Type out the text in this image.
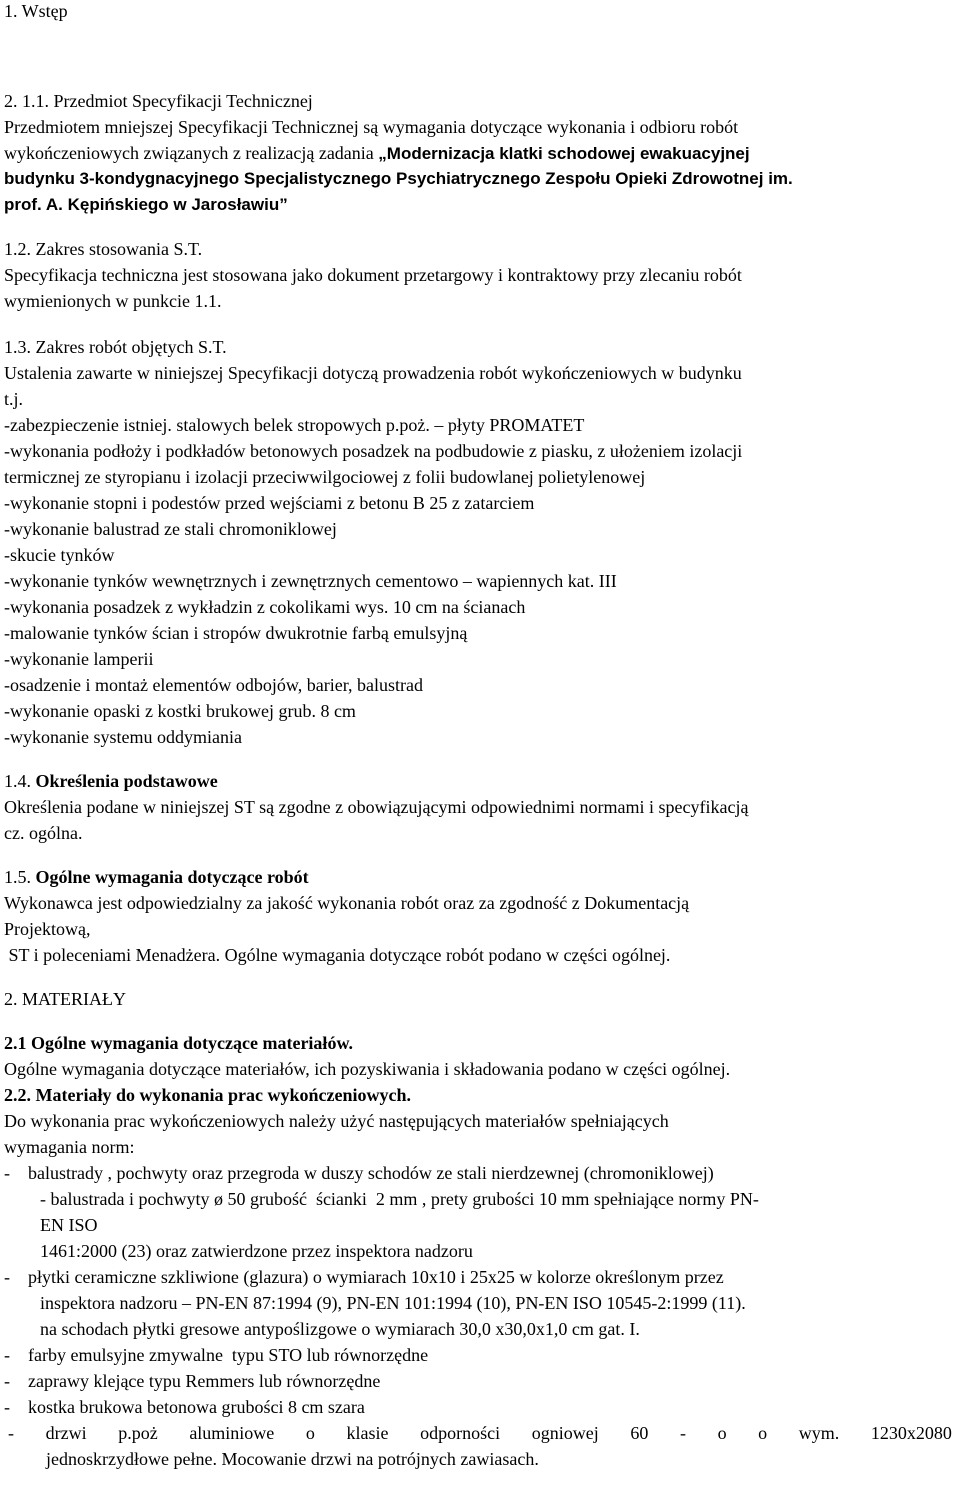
1. Wstęp
2. 1.1. Przedmiot Specyfikacji Technicznej
Przedmiotem mniejszej Specyfikacji Technicznej są wymagania dotyczące wykonania i odbioru robót
wykończeniowych związanych z realizacją zadania „Modernizacja klatki schodowej ewakuacyjnej
budynku 3-kondygnacyjnego Specjalistycznego Psychiatrycznego Zespołu Opieki Zdrowotnej im.
prof. A. Kępińskiego w Jarosławiu”
1.2. Zakres stosowania S.T.
Specyfikacja techniczna jest stosowana jako dokument przetargowy i kontraktowy przy zlecaniu robót
wymienionych w punkcie 1.1.
1.3. Zakres robót objętych S.T.
Ustalenia zawarte w niniejszej Specyfikacji dotyczą prowadzenia robót wykończeniowych w budynku
t.j.
-zabezpieczenie istniej. stalowych belek stropowych p.poż. – płyty PROMATET
-wykonania podłoży i podkładów betonowych posadzek na podbudowie z piasku, z ułożeniem izolacji
termicznej ze styropianu i izolacji przeciwwilgociowej z folii budowlanej polietylenowej
-wykonanie stopni i podestów przed wejściami z betonu B 25 z zatarciem
-wykonanie balustrad ze stali chromoniklowej
-skucie tynków
-wykonanie tynków wewnętrznych i zewnętrznych cementowo – wapiennych kat. III
-wykonania posadzek z wykładzin z cokolikami wys. 10 cm na ścianach
-malowanie tynków ścian i stropów dwukrotnie farbą emulsyjną
-wykonanie lamperii
-osadzenie i montaż elementów odbojów, barier, balustrad
-wykonanie opaski z kostki brukowej grub. 8 cm
-wykonanie systemu oddymiania
1.4. Określenia podstawowe
Określenia podane w niniejszej ST są zgodne z obowiązującymi odpowiednimi normami i specyfikacją
cz. ogólna.
1.5. Ogólne wymagania dotyczące robót
Wykonawca jest odpowiedzialny za jakość wykonania robót oraz za zgodność z Dokumentacją
Projektową,
ST i poleceniami Menadżera. Ogólne wymagania dotyczące robót podano w części ogólnej.
2. MATERIAŁY
2.1 Ogólne wymagania dotyczące materiałów.
Ogólne wymagania dotyczące materiałów, ich pozyskiwania i składowania podano w części ogólnej.
2.2. Materiały do wykonania prac wykończeniowych.
Do wykonania prac wykończeniowych należy użyć następujących materiałów spełniających
wymagania norm:
-    balustrady , pochwyty oraz przegroda w duszy schodów ze stali nierdzewnej (chromoniklowej)
- balustrada i pochwyty ø 50 grubość  ścianki  2 mm , prety grubości 10 mm spełniające normy PN-
EN ISO
1461:2000 (23) oraz zatwierdzone przez inspektora nadzoru
-    płytki ceramiczne szkliwione (glazura) o wymiarach 10x10 i 25x25 w kolorze określonym przez
inspektora nadzoru – PN-EN 87:1994 (9), PN-EN 101:1994 (10), PN-EN ISO 10545-2:1999 (11).
na schodach płytki gresowe antypoślizgowe o wymiarach 30,0 x30,0x1,0 cm gat. I.
-    farby emulsyjne zmywalne  typu STO lub równorzędne
-    zaprawy klejące typu Remmers lub równorzędne
-    kostka brukowa betonowa grubości 8 cm szara
- drzwi p.poż aluminiowe o klasie odporności ogniowej 60 - o o wym. 1230x2080
jednoskrzydłowe pełne. Mocowanie drzwi na potrójnych zawiasach.
